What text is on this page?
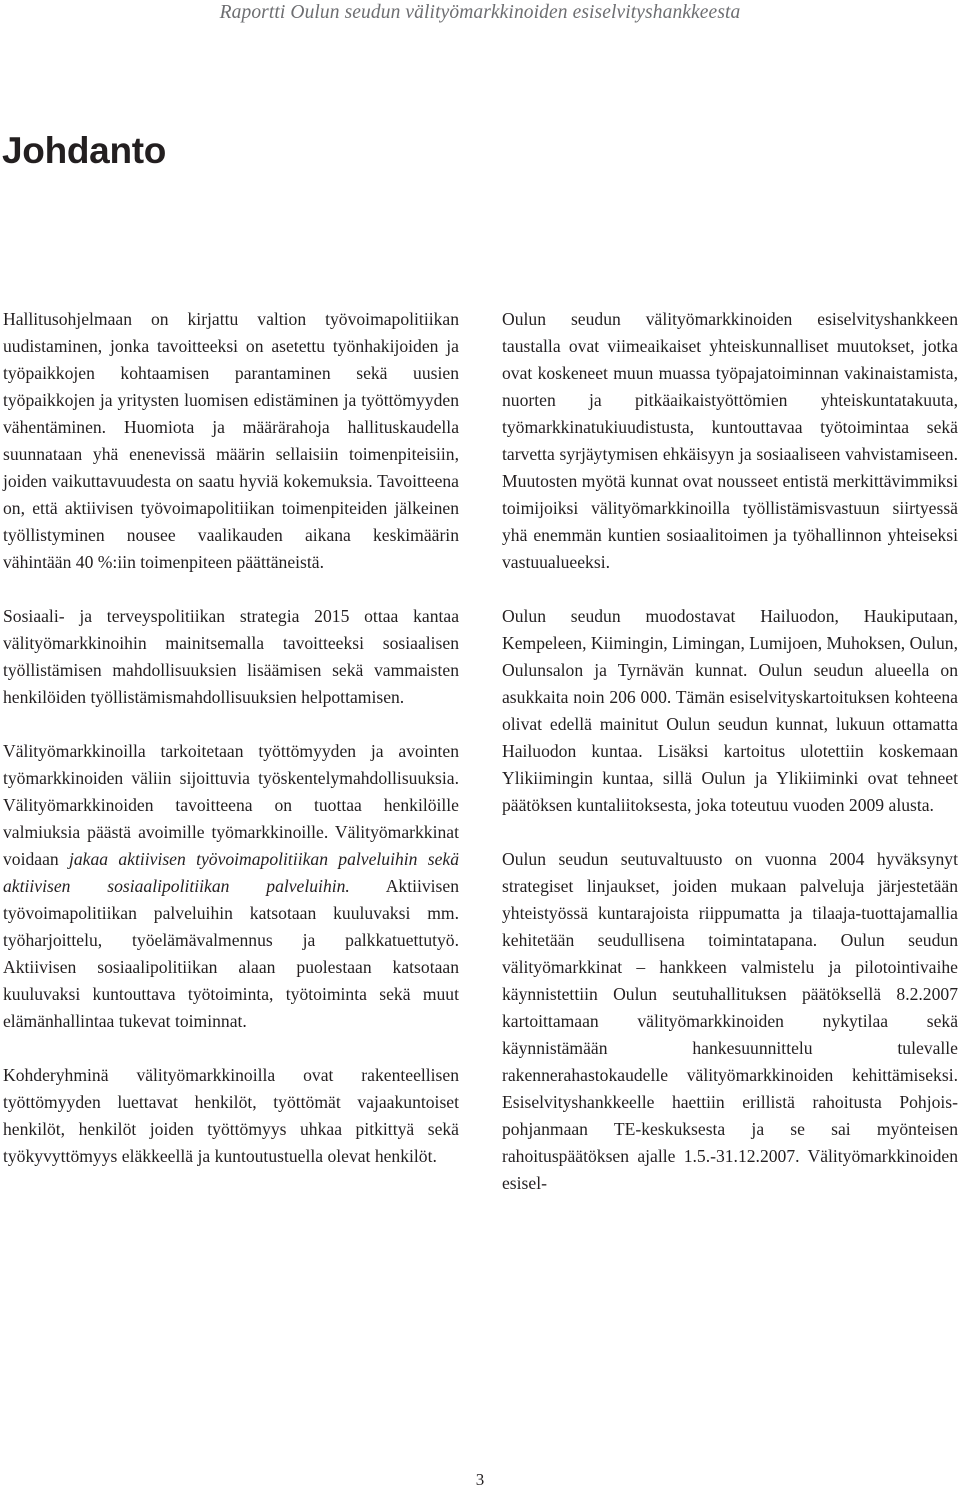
Raportti Oulun seudun välityömarkkinoiden esiselvityshankkeesta
Johdanto

Hallitusohjelmaan on kirjattu valtion työvoimapolitiikan uudistaminen, jonka tavoitteeksi on asetettu työnhakijoiden ja työpaikkojen kohtaamisen parantaminen sekä uusien työpaikkojen ja yritysten luomisen edistäminen ja työttömyyden vähentäminen. Huomiota ja määrärahoja hallituskaudella suunnataan yhä enenevissä määrin sellaisiin toimenpiteisiin, joiden vaikuttavuudesta on saatu hyviä kokemuksia. Tavoitteena on, että aktiivisen työvoimapolitiikan toimenpiteiden jälkeinen työllistyminen nousee vaalikauden aikana keskimäärin vähintään 40 %:iin toimenpiteen päättäneistä.

Sosiaali- ja terveyspolitiikan strategia 2015 ottaa kantaa välityömarkkinoihin mainitsemalla tavoitteeksi sosiaalisen työllistämisen mahdollisuuksien lisäämisen sekä vammaisten henkilöiden työllistämismahdollisuuksien helpottamisen.

Välityömarkkinoilla tarkoitetaan työttömyyden ja avointen työmarkkinoiden väliin sijoittuvia työskentelymahdollisuuksia. Välityömarkkinoiden tavoitteena on tuottaa henkilöille valmiuksia päästä avoimille työmarkkinoille. Välityömarkkinat voidaan jakaa aktiivisen työvoimapolitiikan palveluihin sekä aktiivisen sosiaalipolitiikan palveluihin. Aktiivisen työvoimapolitiikan palveluihin katsotaan kuuluvaksi mm. työharjoittelu, työelämävalmennus ja palkkatuettutyö. Aktiivisen sosiaalipolitiikan alaan puolestaan katsotaan kuuluvaksi kuntouttava työtoiminta, työtoiminta sekä muut elämänhallintaa tukevat toiminnat.

Kohderyhminä välityömarkkinoilla ovat rakenteellisen työttömyyden luettavat henkilöt, työttömät vajaakuntoiset henkilöt, henkilöt joiden työttömyys uhkaa pitkittyä sekä työkyvyttömyys eläkkeellä ja kuntoutustuella olevat henkilöt.

Oulun seudun välityömarkkinoiden esiselvityshankkeen taustalla ovat viimeaikaiset yhteiskunnalliset muutokset, jotka ovat koskeneet muun muassa työpajatoiminnan vakinaistamista, nuorten ja pitkäaikaistyöttömien yhteiskuntatakuuta, työmarkkinatukiuudistusta, kuntouttavaa työtoimintaa sekä tarvetta syrjäytymisen ehkäisyyn ja sosiaaliseen vahvistamiseen. Muutosten myötä kunnat ovat nousseet entistä merkittävimmiksi toimijoiksi välityömarkkinoilla työllistämisvastuun siirtyessä yhä enemmän kuntien sosiaalitoimen ja työhallinnon yhteiseksi vastuualueeksi.

Oulun seudun muodostavat Hailuodon, Haukiputaan, Kempeleen, Kiimingin, Limingan, Lumijoen, Muhoksen, Oulun, Oulunsalon ja Tyrnävän kunnat. Oulun seudun alueella on asukkaita noin 206 000. Tämän esiselvityskartoituksen kohteena olivat edellä mainitut Oulun seudun kunnat, lukuun ottamatta Hailuodon kuntaa. Lisäksi kartoitus ulotettiin koskemaan Ylikiimingin kuntaa, sillä Oulun ja Ylikiiminki ovat tehneet päätöksen kuntaliitoksesta, joka toteutuu vuoden 2009 alusta.

Oulun seudun seutuvaltuusto on vuonna 2004 hyväksynyt strategiset linjaukset, joiden mukaan palveluja järjestetään yhteistyössä kuntarajoista riippumatta ja tilaaja-tuottajamallia kehitetään seudullisena toimintatapana. Oulun seudun välityömarkkinat – hankkeen valmistelu ja pilotointivaihe käynnistettiin Oulun seutuhallituksen päätöksellä 8.2.2007 kartoittamaan välityömarkkinoiden nykytilaa sekä käynnistämään hankesuunnittelu tulevalle rakennerahastokaudelle välityömarkkinoiden kehittämiseksi. Esiselvityshankkeelle haettiin erillistä rahoitusta Pohjois-pohjanmaan TE-keskuksesta ja se sai myönteisen rahoituspäätöksen ajalle 1.5.-31.12.2007. Välityömarkkinoiden esisel-

3
